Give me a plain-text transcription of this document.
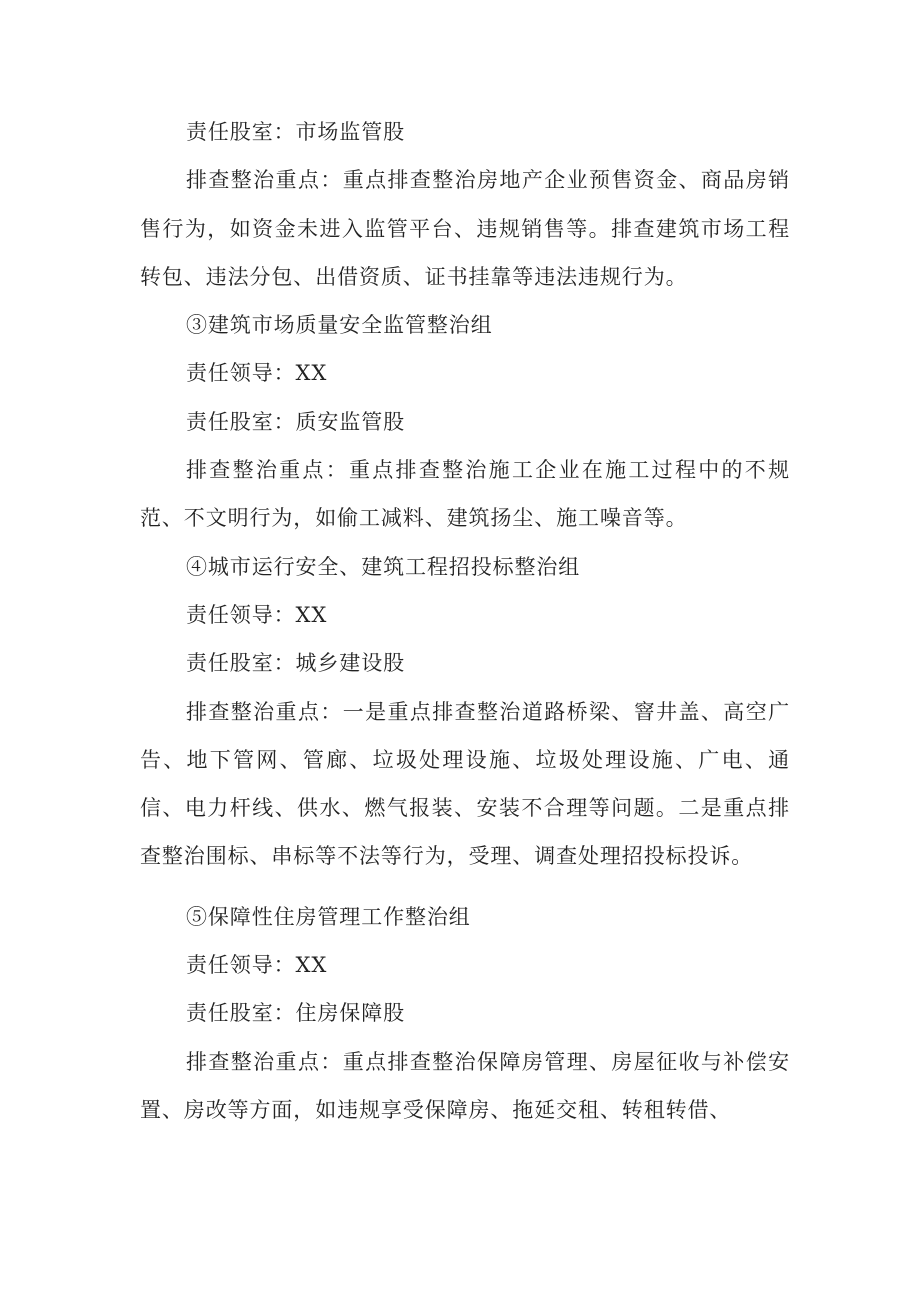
责任股室：市场监管股

排查整治重点：重点排查整治房地产企业预售资金、商品房销售行为，如资金未进入监管平台、违规销售等。排查建筑市场工程转包、违法分包、出借资质、证书挂靠等违法违规行为。

③建筑市场质量安全监管整治组

责任领导：XX

责任股室：质安监管股

排查整治重点：重点排查整治施工企业在施工过程中的不规范、不文明行为，如偷工减料、建筑扬尘、施工噪音等。

④城市运行安全、建筑工程招投标整治组

责任领导：XX

责任股室：城乡建设股

排查整治重点：一是重点排查整治道路桥梁、窨井盖、高空广告、地下管网、管廊、垃圾处理设施、垃圾处理设施、广电、通信、电力杆线、供水、燃气报装、安装不合理等问题。二是重点排查整治围标、串标等不法等行为，受理、调查处理招投标投诉。

⑤保障性住房管理工作整治组

责任领导：XX

责任股室：住房保障股

排查整治重点：重点排查整治保障房管理、房屋征收与补偿安置、房改等方面，如违规享受保障房、拖延交租、转租转借、
